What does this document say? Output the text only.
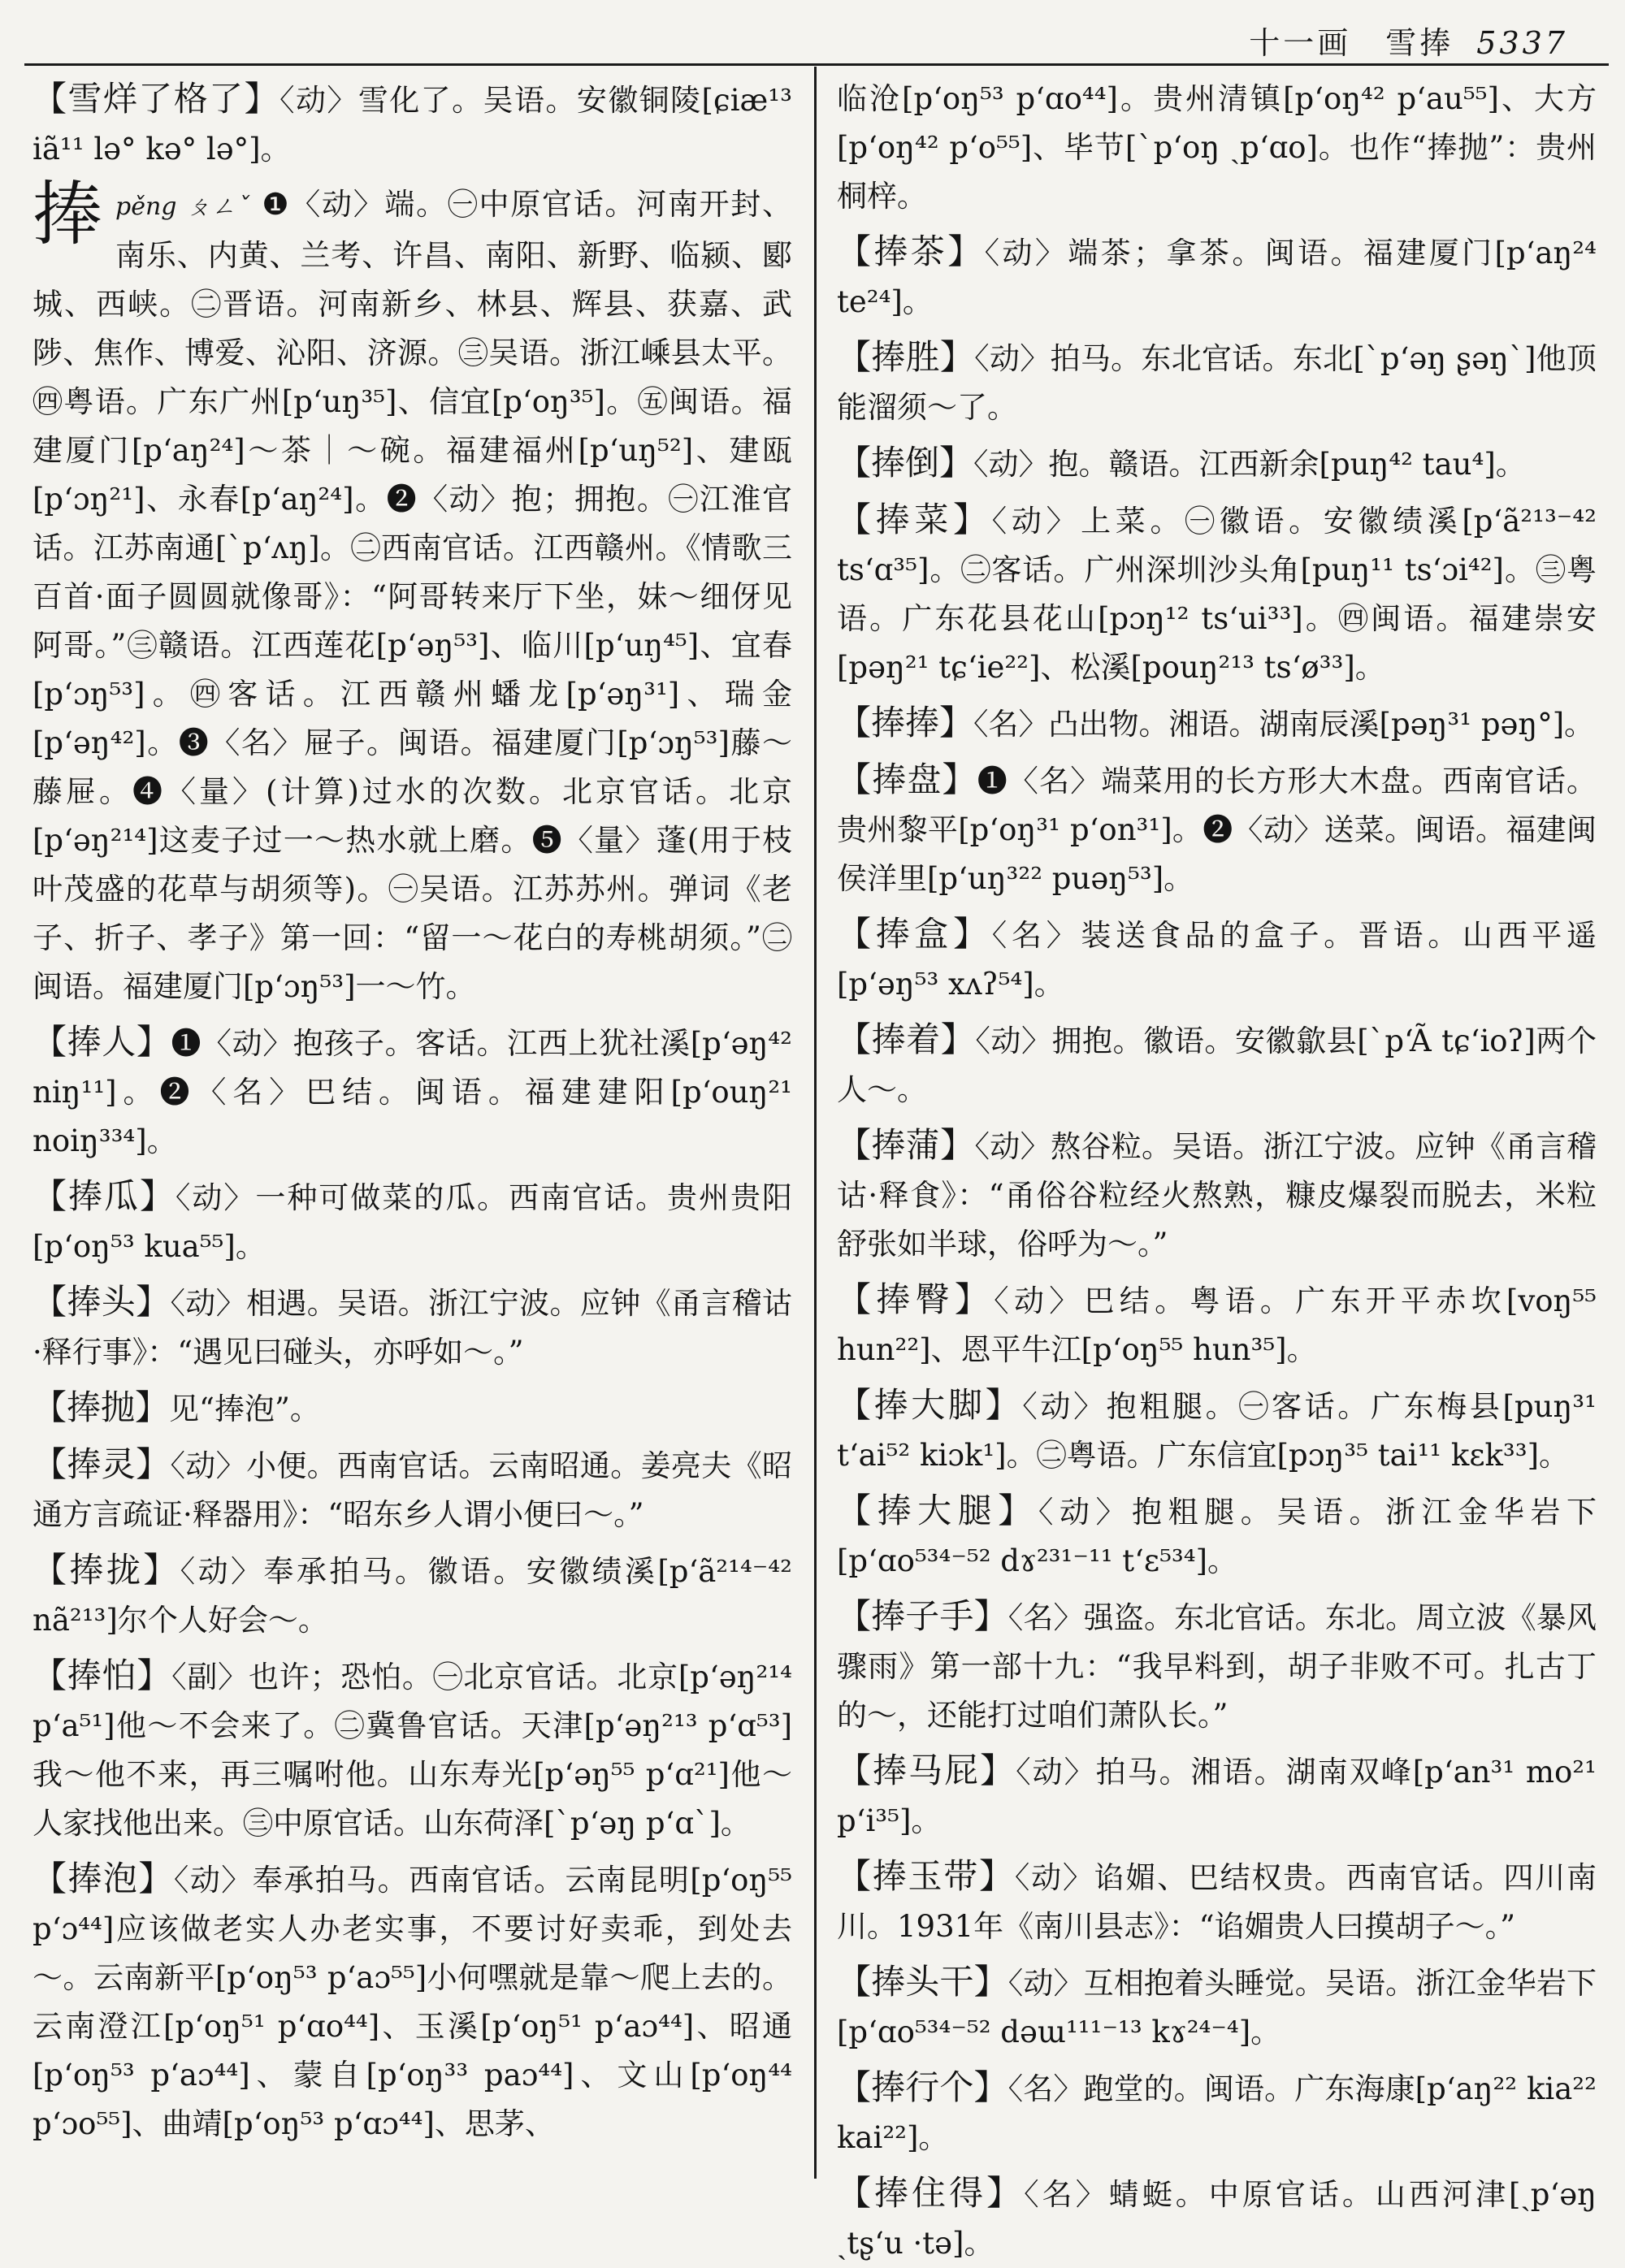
十一画　雪捧 5337

【雪烊了格了】〈动〉雪化了。吴语。安徽铜陵[ɕiæ¹³ iã¹¹ lə° kə° lə°]。

捧pěng ㄆㄥˇ ❶〈动〉端。㊀中原官话。河南开封、南乐、内黄、兰考、许昌、南阳、新野、临颍、郾城、西峡。㊁晋语。河南新乡、林县、辉县、获嘉、武陟、焦作、博爱、沁阳、济源。㊂吴语。浙江嵊县太平。㊃粤语。广东广州[pʻuŋ³⁵]、信宜[pʻoŋ³⁵]。㊄闽语。福建厦门[pʻaŋ²⁴]～茶｜～碗。福建福州[pʻuŋ⁵²]、建瓯[pʻɔŋ²¹]、永春[pʻaŋ²⁴]。❷〈动〉抱；拥抱。㊀江淮官话。江苏南通[ˋpʻʌŋ]。㊁西南官话。江西赣州。《情歌三百首·面子圆圆就像哥》：“阿哥转来厅下坐，妹～细伢见阿哥。”㊂赣语。江西莲花[pʻəŋ⁵³]、临川[pʻuŋ⁴⁵]、宜春[pʻɔŋ⁵³]。㊃客话。江西赣州蟠龙[pʻəŋ³¹]、瑞金[pʻəŋ⁴²]。❸〈名〉屉子。闽语。福建厦门[pʻɔŋ⁵³]藤～藤屉。❹〈量〉(计算)过水的次数。北京官话。北京[pʻəŋ²¹⁴]这麦子过一～热水就上磨。❺〈量〉蓬(用于枝叶茂盛的花草与胡须等)。㊀吴语。江苏苏州。弹词《老子、折子、孝子》第一回：“留一～花白的寿桃胡须。”㊁闽语。福建厦门[pʻɔŋ⁵³]一～竹。

【捧人】❶〈动〉抱孩子。客话。江西上犹社溪[pʻəŋ⁴² niŋ¹¹]。❷〈名〉巴结。闽语。福建建阳[pʻouŋ²¹ noiŋ³³⁴]。

【捧瓜】〈动〉一种可做菜的瓜。西南官话。贵州贵阳[pʻoŋ⁵³ kua⁵⁵]。

【捧头】〈动〉相遇。吴语。浙江宁波。应钟《甬言稽诂·释行事》：“遇见曰碰头，亦呼如～。”

【捧抛】见“捧泡”。

【捧灵】〈动〉小便。西南官话。云南昭通。姜亮夫《昭通方言疏证·释器用》：“昭东乡人谓小便曰～。”

【捧拢】〈动〉奉承拍马。徽语。安徽绩溪[pʻã²¹⁴⁻⁴² nã²¹³]尔个人好会～。

【捧怕】〈副〉也许；恐怕。㊀北京官话。北京[pʻəŋ²¹⁴ pʻa⁵¹]他～不会来了。㊁冀鲁官话。天津[pʻəŋ²¹³ pʻɑ⁵³]我～他不来，再三嘱咐他。山东寿光[pʻəŋ⁵⁵ pʻɑ²¹]他～人家找他出来。㊂中原官话。山东荷泽[ˋpʻəŋ pʻɑˋ]。

【捧泡】〈动〉奉承拍马。西南官话。云南昆明[pʻoŋ⁵⁵ pʻɔ⁴⁴]应该做老实人办老实事，不要讨好卖乖，到处去～。云南新平[pʻoŋ⁵³ pʻaɔ⁵⁵]小何嘿就是靠～爬上去的。云南澄江[pʻoŋ⁵¹ pʻɑo⁴⁴]、玉溪[pʻoŋ⁵¹ pʻaɔ⁴⁴]、昭通[pʻoŋ⁵³ pʻaɔ⁴⁴]、蒙自[pʻoŋ³³ paɔ⁴⁴]、文山[pʻoŋ⁴⁴ pʻɔo⁵⁵]、曲靖[pʻoŋ⁵³ pʻɑɔ⁴⁴]、思茅、

临沧[pʻoŋ⁵³ pʻɑo⁴⁴]。贵州清镇[pʻoŋ⁴² pʻau⁵⁵]、大方[pʻoŋ⁴² pʻo⁵⁵]、毕节[ˋpʻoŋ ˏpʻɑo]。也作“捧抛”：贵州桐梓。

【捧茶】〈动〉端茶；拿茶。闽语。福建厦门[pʻaŋ²⁴ te²⁴]。

【捧胜】〈动〉拍马。东北官话。东北[ˋpʻəŋ ʂəŋˋ]他顶能溜须～了。

【捧倒】〈动〉抱。赣语。江西新余[puŋ⁴² tau⁴]。

【捧菜】〈动〉上菜。㊀徽语。安徽绩溪[pʻã²¹³⁻⁴² tsʻɑ³⁵]。㊁客话。广州深圳沙头角[puŋ¹¹ tsʻɔi⁴²]。㊂粤语。广东花县花山[pɔŋ¹² tsʻui³³]。㊃闽语。福建崇安[pəŋ²¹ tɕʻie²²]、松溪[pouŋ²¹³ tsʻø³³]。

【捧捧】〈名〉凸出物。湘语。湖南辰溪[pəŋ³¹ pəŋ°]。

【捧盘】❶〈名〉端菜用的长方形大木盘。西南官话。贵州黎平[pʻoŋ³¹ pʻon³¹]。❷〈动〉送菜。闽语。福建闽侯洋里[pʻuŋ³²² puəŋ⁵³]。

【捧盒】〈名〉装送食品的盒子。晋语。山西平遥[pʻəŋ⁵³ xʌʔ⁵⁴]。

【捧着】〈动〉拥抱。徽语。安徽歙县[ˋpʻÃ tɕʻioʔ]两个人～。

【捧蒲】〈动〉熬谷粒。吴语。浙江宁波。应钟《甬言稽诂·释食》：“甬俗谷粒经火熬熟，糠皮爆裂而脱去，米粒舒张如半球，俗呼为～。”

【捧臀】〈动〉巴结。粤语。广东开平赤坎[voŋ⁵⁵ hun²²]、恩平牛江[pʻoŋ⁵⁵ hun³⁵]。

【捧大脚】〈动〉抱粗腿。㊀客话。广东梅县[puŋ³¹ tʻai⁵² kiɔk¹]。㊁粤语。广东信宜[pɔŋ³⁵ tai¹¹ kɛk³³]。

【捧大腿】〈动〉抱粗腿。吴语。浙江金华岩下[pʻɑo⁵³⁴⁻⁵² dɤ²³¹⁻¹¹ tʻɛ⁵³⁴]。

【捧子手】〈名〉强盗。东北官话。东北。周立波《暴风骤雨》第一部十九：“我早料到，胡子非败不可。扎古丁的～，还能打过咱们萧队长。”

【捧马屁】〈动〉拍马。湘语。湖南双峰[pʻan³¹ mo²¹ pʻi³⁵]。

【捧玉带】〈动〉谄媚、巴结权贵。西南官话。四川南川。1931年《南川县志》：“谄媚贵人曰摸胡子～。”

【捧头干】〈动〉互相抱着头睡觉。吴语。浙江金华岩下[pʻɑo⁵³⁴⁻⁵² dəɯ¹¹¹⁻¹³ kɤ²⁴⁻⁴]。

【捧行个】〈名〉跑堂的。闽语。广东海康[pʻaŋ²² kia²² kai²²]。

【捧住得】〈名〉蜻蜓。中原官话。山西河津[ˏpʻəŋ ˏtʂʻu ·tə]。
